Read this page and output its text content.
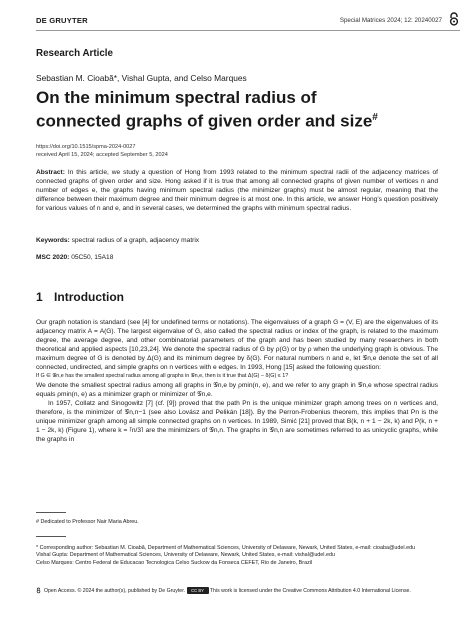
DE GRUYTER	Special Matrices 2024; 12: 20240027
Research Article
Sebastian M. Cioabă*, Vishal Gupta, and Celso Marques
On the minimum spectral radius of
connected graphs of given order and size#
https://doi.org/10.1515/spma-2024-0027
received April 15, 2024; accepted September 5, 2024
Abstract: In this article, we study a question of Hong from 1993 related to the minimum spectral radii of the adjacency matrices of connected graphs of given order and size. Hong asked if it is true that among all connected graphs of given number of vertices n and number of edges e, the graphs having minimum spectral radius (the minimizer graphs) must be almost regular, meaning that the difference between their maximum degree and their minimum degree is at most one. In this article, we answer Hong's question positively for various values of n and e, and in several cases, we determined the graphs with minimum spectral radius.
Keywords: spectral radius of a graph, adjacency matrix
MSC 2020: 05C50, 15A18
1 Introduction

Our graph notation is standard (see [4] for undefined terms or notations). The eigenvalues of a graph G = (V, E) are the eigenvalues of its adjacency matrix A = A(G). The largest eigenvalue of G, also called the spectral radius or index of the graph, is related to the maximum degree, the average degree, and other combinatorial parameters of the graph and has been studied by many researchers in both theoretical and applied aspects [10,23,24]. We denote the spectral radius of G by ρ(G) or by ρ when the underlying graph is obvious. The maximum degree of G is denoted by Δ(G) and its minimum degree by δ(G). For natural numbers n and e, let 𝒢n,e denote the set of all connected, undirected, and simple graphs on n vertices with e edges. In 1993, Hong [15] asked the following question:

If G ∈ 𝒢n,e has the smallest spectral radius among all graphs in 𝒢n,e, then is it true that Δ(G) − δ(G) ≤ 1?

We denote the smallest spectral radius among all graphs in 𝒢n,e by ρmin(n, e), and we refer to any graph in 𝒢n,e whose spectral radius equals ρmin(n, e) as a minimizer graph or minimizer of 𝒢n,e.

In 1957, Collatz and Sinogowitz [7] (cf. [9]) proved that the path Pn is the unique minimizer graph among trees on n vertices and, therefore, is the minimizer of 𝒢n,n−1 (see also Lovász and Pelikán [18]). By the Perron-Frobenius theorem, this implies that Pn is the unique minimizer graph among all simple connected graphs on n vertices. In 1989, Simić [21] proved that B(k, n + 1 − 2k, k) and P(k, n + 1 − 2k, k) (Figure 1), where k = ⌈n/3⌉ are the minimizers of 𝒢n,n. The graphs in 𝒢n,n are sometimes referred to as unicyclic graphs, while the graphs in

# Dedicated to Professor Nair Maria Abreu.
* Corresponding author: Sebastian M. Cioabă, Department of Mathematical Sciences, University of Delaware, Newark, United States, e-mail: cioaba@udel.edu
Vishal Gupta: Department of Mathematical Sciences, University of Delaware, Newark, United States, e-mail: vishal@udel.edu
Celso Marques: Centro Federal de Educacao Tecnologica Celso Suckow da Fonseca CEFET, Rio de Janeiro, Brazil
Open Access. © 2024 the author(s), published by De Gruyter. CC BY This work is licensed under the Creative Commons Attribution 4.0 International License.
